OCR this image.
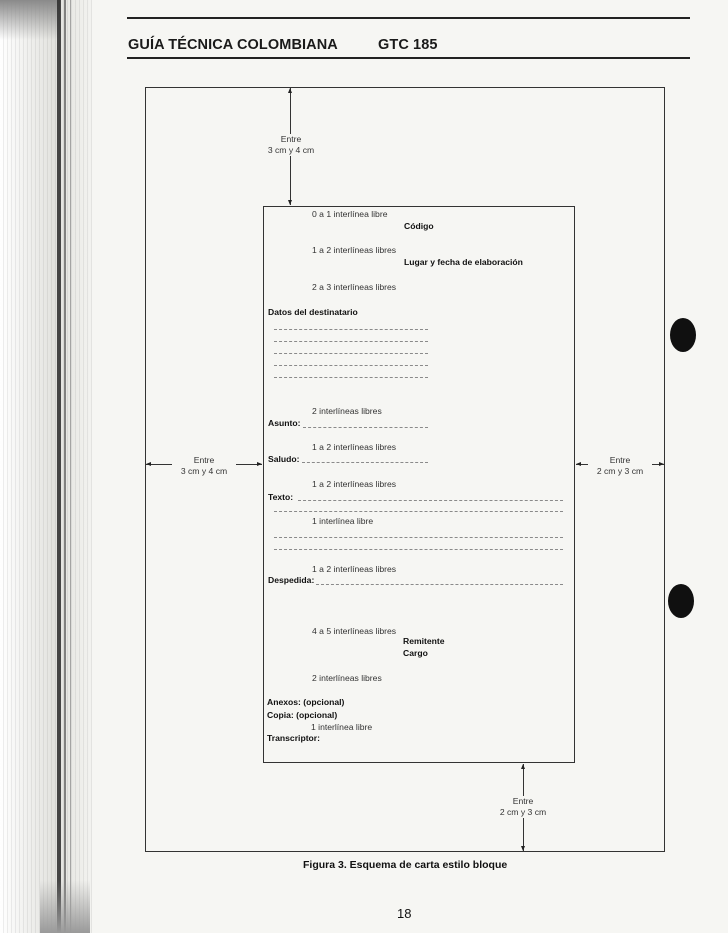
GUÍA TÉCNICA COLOMBIANA	GTC 185
Entre
3 cm y 4 cm
Entre
3 cm y 4 cm
Entre
2 cm y 3 cm
Entre
2 cm y 3 cm
0 a 1 interlínea libre
Código
1 a 2 interlíneas libres
Lugar y fecha de elaboración
2 a 3 interlíneas libres
Datos del destinatario
2 interlíneas libres
Asunto:
1 a 2 interlíneas libres
Saludo:
1 a 2 interlíneas libres
Texto:
1 interlínea libre
1 a 2 interlíneas libres
Despedida:
4 a 5 interlíneas libres
Remitente
Cargo
2 interlíneas libres
Anexos: (opcional)
Copia: (opcional)
1 interlínea libre
Transcriptor:
Figura 3. Esquema de carta estilo bloque
18
